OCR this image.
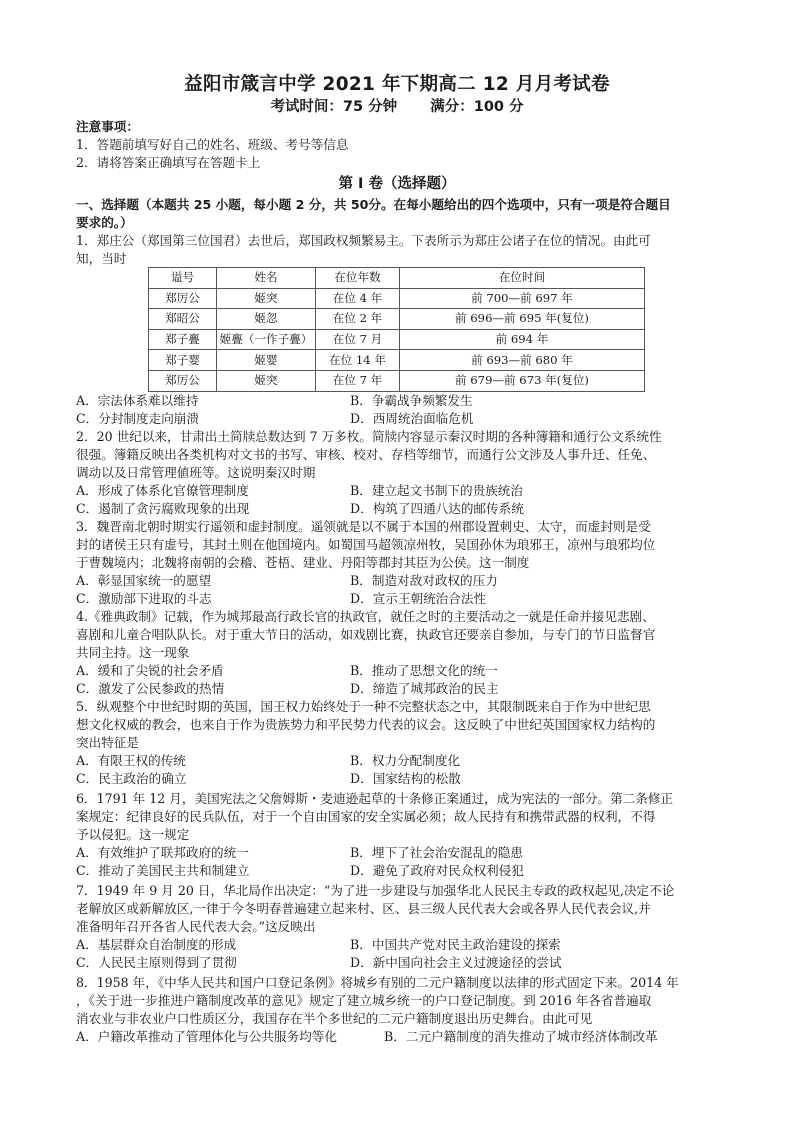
益阳市箴言中学 2021 年下期高二 12 月月考试卷
考试时间：75 分钟 满分：100 分
注意事项：
1．答题前填写好自己的姓名、班级、考号等信息
2．请将答案正确填写在答题卡上
第 I 卷（选择题）
一、选择题（本题共 25 小题，每小题 2 分，共 50分。在每小题给出的四个选项中，只有一项是符合题目
要求的。）
1．郑庄公（郑国第三位国君）去世后，郑国政权频繁易主。下表所示为郑庄公诸子在位的情况。由此可
知，当时
谥号	姓名	在位年数	在位时间
郑厉公	姬突	在位 4 年	前 700—前 697 年
郑昭公	姬忽	在位 2 年	前 696—前 695 年(复位)
郑子亹	姬亹（一作子亹）	在位 7 月	前 694 年
郑子婴	姬婴	在位 14 年	前 693—前 680 年
郑厉公	姬突	在位 7 年	前 679—前 673 年(复位)
A．宗法体系难以维持	B．争霸战争频繁发生
C．分封制度走向崩溃	D．西周统治面临危机
2．20 世纪以来，甘肃出土简牍总数达到 7 万多枚。简牍内容显示秦汉时期的各种簿籍和通行公文系统性
很强。簿籍反映出各类机构对文书的书写、审核、校对、存档等细节，而通行公文涉及人事升迁、任免、
调动以及日常管理値班等。这说明秦汉时期
A．形成了体系化官僚管理制度	B．建立起文书制下的贵族统治
C．遏制了贪污腐败现象的出现	D．构筑了四通八达的邮传系统
3．魏晋南北朝时期实行遥领和虚封制度。遥领就是以不属于本国的州郡设置刺史、太守，而虚封则是受
封的诸侯王只有虚号，其封土则在他国境内。如蜀国马超领凉州牧，吴国孙休为琅邪王，凉州与琅邪均位
于曹魏境内；北魏将南朝的会稽、苍梧、建业、丹阳等郡封其臣为公侯。这一制度
A．彰显国家统一的愿望	B．制造对敌对政权的压力
C．激励部下进取的斗志	D．宣示王朝统治合法性
4.《雅典政制》记载，作为城邦最高行政长官的执政官，就任之时的主要活动之一就是任命并接见悲剧、
喜剧和儿童合唱队队长。对于重大节日的活动，如戏剧比赛，执政官还要亲自参加，与专门的节日监督官
共同主持。这一现象
A．缓和了尖锐的社会矛盾	B．推动了思想文化的统一
C．激发了公民参政的热情	D．缔造了城邦政治的民主
5．纵观整个中世纪时期的英国，国王权力始终处于一种不完整状态之中，其限制既来自于作为中世纪思
想文化权威的教会，也来自于作为贵族势力和平民势力代表的议会。这反映了中世纪英国国家权力结构的
突出特征是
A．有限王权的传统	B．权力分配制度化
C．民主政治的确立	D．国家结构的松散
6．1791 年 12 月，美国宪法之父詹姆斯・麦迪逊起草的十条修正案通过，成为宪法的一部分。第二条修正
案规定：纪律良好的民兵队伍，对于一个自由国家的安全实属必须；故人民持有和携带武器的权利，不得
予以侵犯。这一规定
A．有效维护了联邦政府的统一	B．埋下了社会治安混乱的隐患
C．推动了美国民主共和制建立	D．避免了政府对民众权利侵犯
7．1949 年 9 月 20 日，华北局作出决定：“为了进一步建设与加强华北人民民主专政的政权起见,决定不论
老解放区或新解放区,一律于今冬明春普遍建立起来村、区、县三级人民代表大会或各界人民代表会议,并
准备明年召开各省人民代表大会。”这反映出
A．基层群众自治制度的形成	B．中国共产党对民主政治建设的探索
C．人民民主原则得到了贯彻	D．新中国向社会主义过渡途径的尝试
8．1958 年，《中华人民共和国户口登记条例》将城乡有别的二元户籍制度以法律的形式固定下来。2014 年
，《关于进一步推进户籍制度改革的意见》规定了建立城乡统一的户口登记制度。到 2016 年各省普遍取
消农业与非农业户口性质区分，我国存在半个多世纪的二元户籍制度退出历史舞台。由此可见
A．户籍改革推动了管理体化与公共服务均等化	B．二元户籍制度的消失推动了城市经济体制改革
